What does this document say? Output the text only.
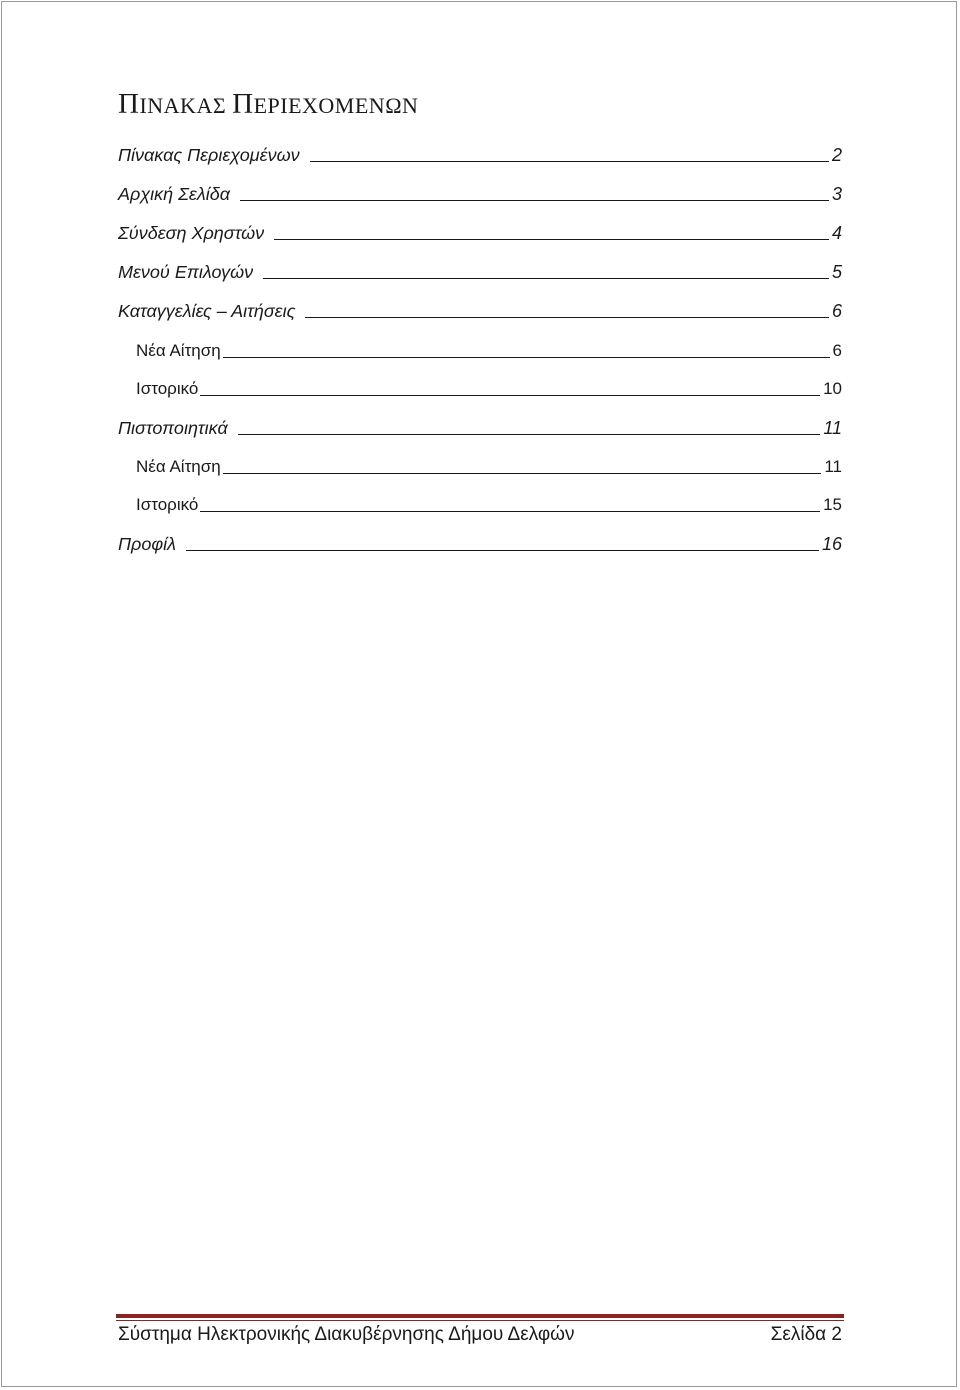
ΠΙΝΑΚΑΣ ΠΕΡΙΕΧΟΜΕΝΩΝ
Πίνακας Περιεχομένων	2
Αρχική Σελίδα	3
Σύνδεση Χρηστών	4
Μενού Επιλογών	5
Καταγγελίες – Αιτήσεις	6
Νέα Αίτηση	6
Ιστορικό	10
Πιστοποιητικά	11
Νέα Αίτηση	11
Ιστορικό	15
Προφίλ	16
Σύστημα Ηλεκτρονικής Διακυβέρνησης Δήμου Δελφών	Σελίδα 2
